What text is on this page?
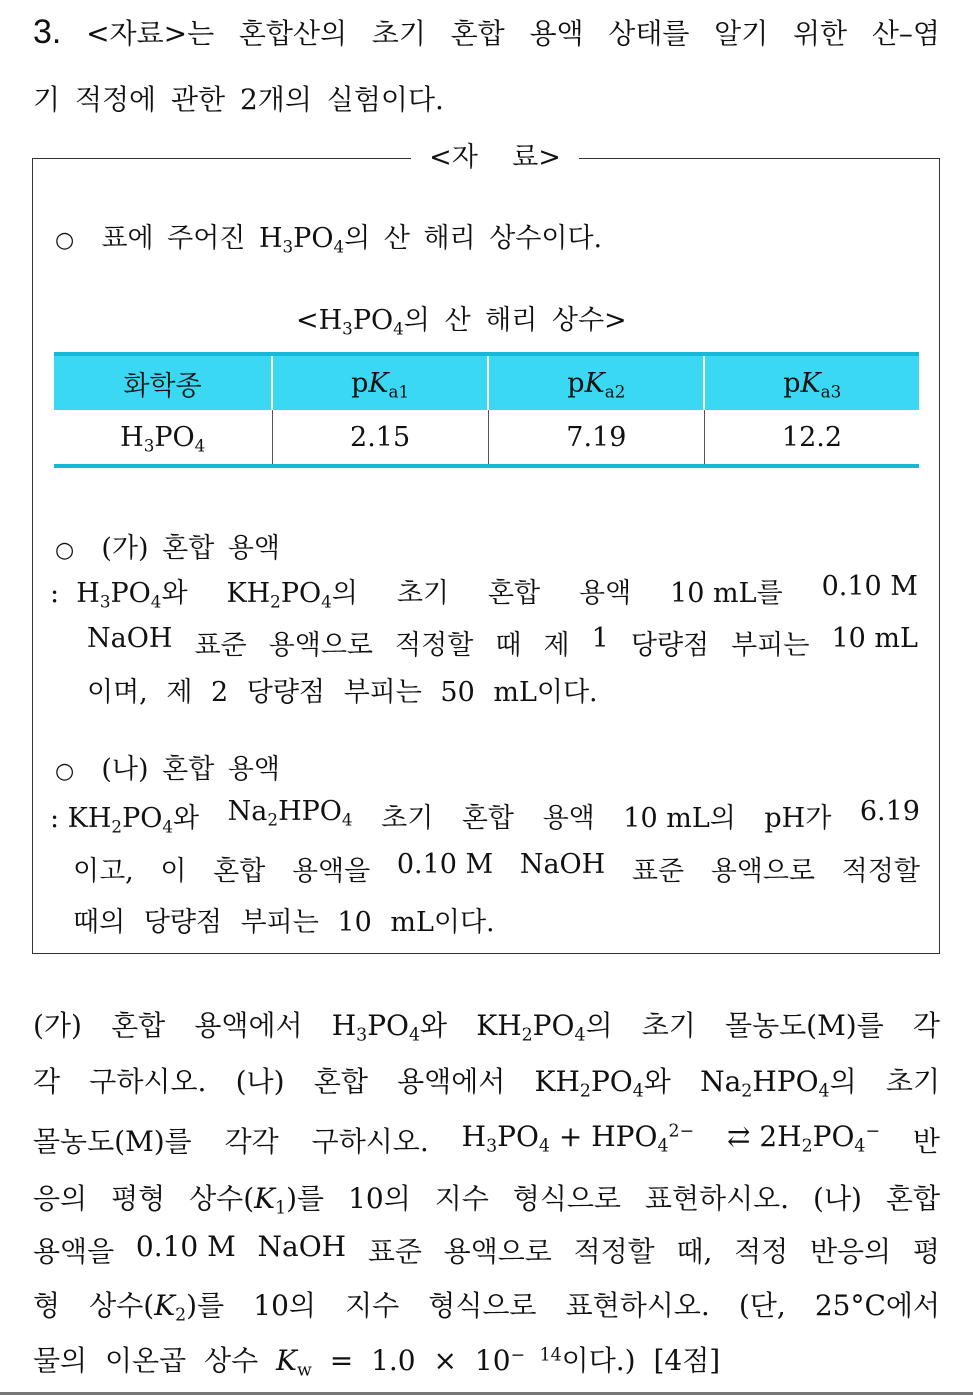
3. <자료>는 혼합산의 초기 혼합 용액 상태를 알기 위한 산–염
기 적정에 관한 2개의 실험이다.
<자    료>
○  표에 주어진 $H_3PO_4$의 산 해리 상수이다.
$<H_3PO_4$의 산 해리 상수>
화학종	$pK_{a1}$	$pK_{a2}$	$pK_{a3}$
$H_3PO_4$	2.15	7.19	12.2
○ (가) 혼합 용액
:  $H_3PO_4$와 $KH_2PO_4$의 초기 혼합 용액 10 mL를 0.10 M
NaOH 표준 용액으로 적정할 때 제 1 당량점 부피는 10 mL
이며, 제 2 당량점 부피는 50 mL이다.
○ (나) 혼합 용액
: $KH_2PO_4$와 $Na_2HPO_4$ 초기 혼합 용액 10 mL의 pH가 6.19
이고, 이 혼합 용액을 0.10 M NaOH 표준 용액으로 적정할
때의 당량점 부피는 10 mL이다.
(가) 혼합 용액에서 $H_3PO_4$와 $KH_2PO_4$의 초기 몰농도(M)를 각
각 구하시오. (나) 혼합 용액에서 $KH_2PO_4$와 $Na_2HPO_4$의 초기
몰농도(M)를 각각 구하시오. $H_3PO_4 + HPO_4^{2-}$ ⇄ $2H_2PO_4^-$ 반
응의 평형 상수$(K_1)$를 10의 지수 형식으로 표현하시오. (나) 혼합
용액을 0.10 M NaOH 표준 용액으로 적정할 때, 적정 반응의 평
형 상수$(K_2)$를 10의 지수 형식으로 표현하시오. (단, 25°C에서
물의 이온곱 상수 $K_w = 1.0 \times 10^{- 14}$이다.) [4점]
